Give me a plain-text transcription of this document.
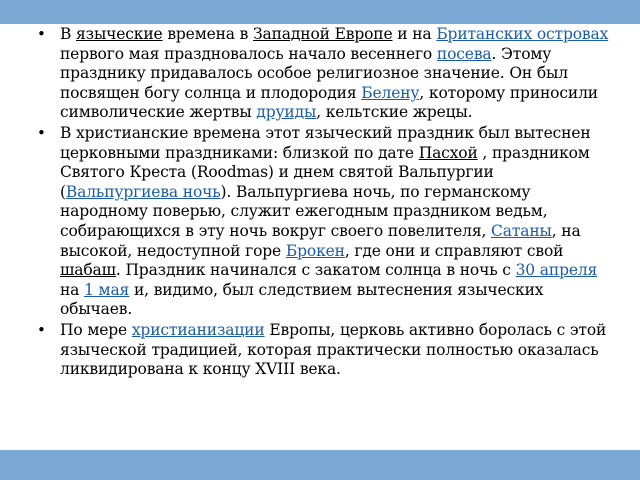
• В языческие времена в Западной Европе и на Британских островах первого мая праздновалось начало весеннего посева. Этому празднику придавалось особое религиозное значение. Он был посвящен богу солнца и плодородия Белену, которому приносили символические жертвы друиды, кельтские жрецы.
• В христианские времена этот языческий праздник был вытеснен церковными праздниками: близкой по дате Пасхой , праздником Святого Креста (Roodmas) и днем святой Вальпургии (Вальпургиева ночь). Вальпургиева ночь, по германскому народному поверью, служит ежегодным праздником ведьм, собирающихся в эту ночь вокруг своего повелителя, Сатаны, на высокой, недоступной горе Брокен, где они и справляют свой шабаш. Праздник начинался с закатом солнца в ночь с 30 апреля на 1 мая и, видимо, был следствием вытеснения языческих обычаев.
• По мере христианизации Европы, церковь активно боролась с этой языческой традицией, которая практически полностью оказалась ликвидирована к концу XVIII века.
